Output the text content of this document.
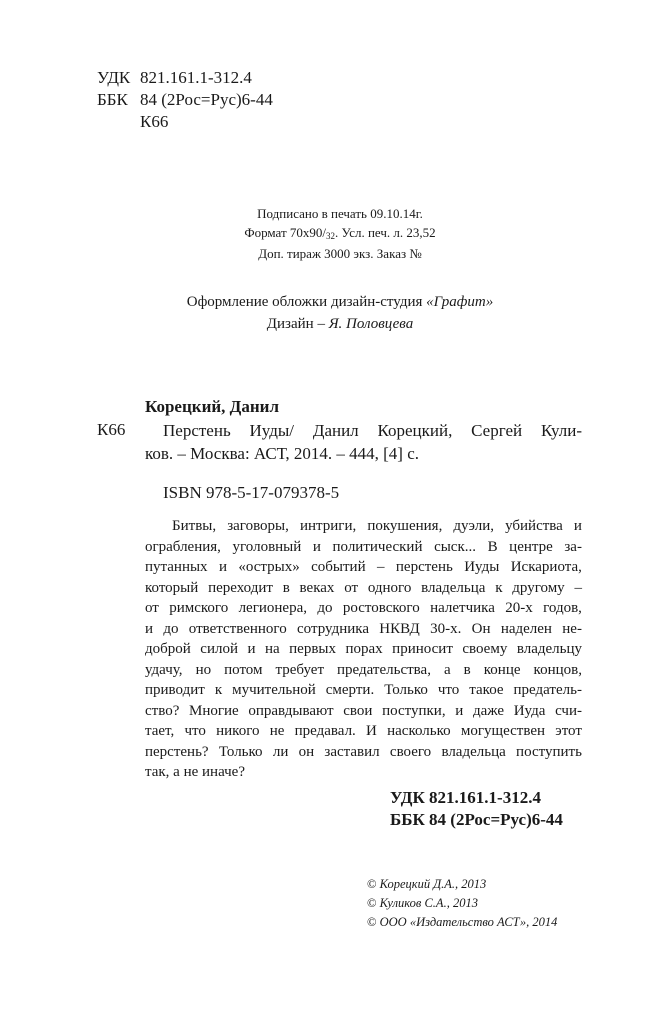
УДК 821.161.1-312.4
ББК 84 (2Рос=Рус)6-44
К66
Подписано в печать 09.10.14г.
Формат $70х90/_{32}$. Усл. печ. л. 23,52
Доп. тираж 3000 экз. Заказ №
Оформление обложки дизайн-студия «Графит»
Дизайн – Я. Половцева
Корецкий, Данил
К66 Перстень Иуды/ Данил Корецкий, Сергей Кули-
ков. – Москва: АСТ, 2014. – 444, [4] с.
ISBN 978-5-17-079378-5
Битвы, заговоры, интриги, покушения, дуэли, убийства и
ограбления, уголовный и политический сыск... В центре за-
путанных и «острых» событий – перстень Иуды Искариота,
который переходит в веках от одного владельца к другому –
от римского легионера, до ростовского налетчика 20-х годов,
и до ответственного сотрудника НКВД 30-х. Он наделен не-
доброй силой и на первых порах приносит своему владельцу
удачу, но потом требует предательства, а в конце концов,
приводит к мучительной смерти. Только что такое предатель-
ство? Многие оправдывают свои поступки, и даже Иуда счи-
тает, что никого не предавал. И насколько могуществен этот
перстень? Только ли он заставил своего владельца поступить
так, а не иначе?
УДК 821.161.1-312.4
ББК 84 (2Рос=Рус)6-44
© Корецкий Д.А., 2013
© Куликов С.А., 2013
© ООО «Издательство АСТ», 2014
